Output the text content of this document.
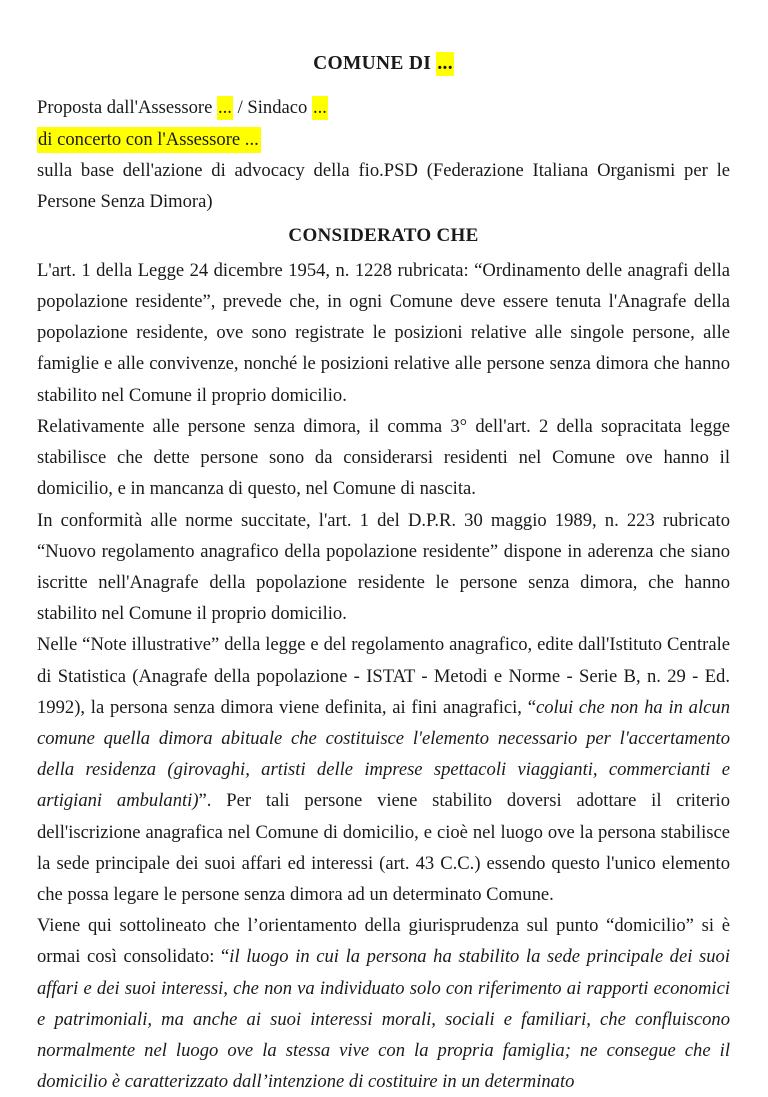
COMUNE DI ...

Proposta dall'Assessore ... / Sindaco ...

di concerto con l'Assessore ...

sulla base dell'azione di advocacy della fio.PSD (Federazione Italiana Organismi per le Persone Senza Dimora)

CONSIDERATO CHE

L'art. 1 della Legge 24 dicembre 1954, n. 1228 rubricata: “Ordinamento delle anagrafi della popolazione residente”, prevede che, in ogni Comune deve essere tenuta l'Anagrafe della popolazione residente, ove sono registrate le posizioni relative alle singole persone, alle famiglie e alle convivenze, nonché le posizioni relative alle persone senza dimora che hanno stabilito nel Comune il proprio domicilio.

Relativamente alle persone senza dimora, il comma 3° dell'art. 2 della sopracitata legge stabilisce che dette persone sono da considerarsi residenti nel Comune ove hanno il domicilio, e in mancanza di questo, nel Comune di nascita.

In conformità alle norme succitate, l'art. 1 del D.P.R. 30 maggio 1989, n. 223 rubricato “Nuovo regolamento anagrafico della popolazione residente” dispone in aderenza che siano iscritte nell'Anagrafe della popolazione residente le persone senza dimora, che hanno stabilito nel Comune il proprio domicilio.

Nelle “Note illustrative” della legge e del regolamento anagrafico, edite dall'Istituto Centrale di Statistica (Anagrafe della popolazione - ISTAT - Metodi e Norme - Serie B, n. 29 - Ed. 1992), la persona senza dimora viene definita, ai fini anagrafici, “colui che non ha in alcun comune quella dimora abituale che costituisce l'elemento necessario per l'accertamento della residenza (girovaghi, artisti delle imprese spettacoli viaggianti, commercianti e artigiani ambulanti)”. Per tali persone viene stabilito doversi adottare il criterio dell'iscrizione anagrafica nel Comune di domicilio, e cioè nel luogo ove la persona stabilisce la sede principale dei suoi affari ed interessi (art. 43 C.C.) essendo questo l'unico elemento che possa legare le persone senza dimora ad un determinato Comune.

Viene qui sottolineato che l’orientamento della giurisprudenza sul punto “domicilio” si è ormai così consolidato: “il luogo in cui la persona ha stabilito la sede principale dei suoi affari e dei suoi interessi, che non va individuato solo con riferimento ai rapporti economici e patrimoniali, ma anche ai suoi interessi morali, sociali e familiari, che confluiscono normalmente nel luogo ove la stessa vive con la propria famiglia; ne consegue che il domicilio è caratterizzato dall’intenzione di costituire in un determinato
